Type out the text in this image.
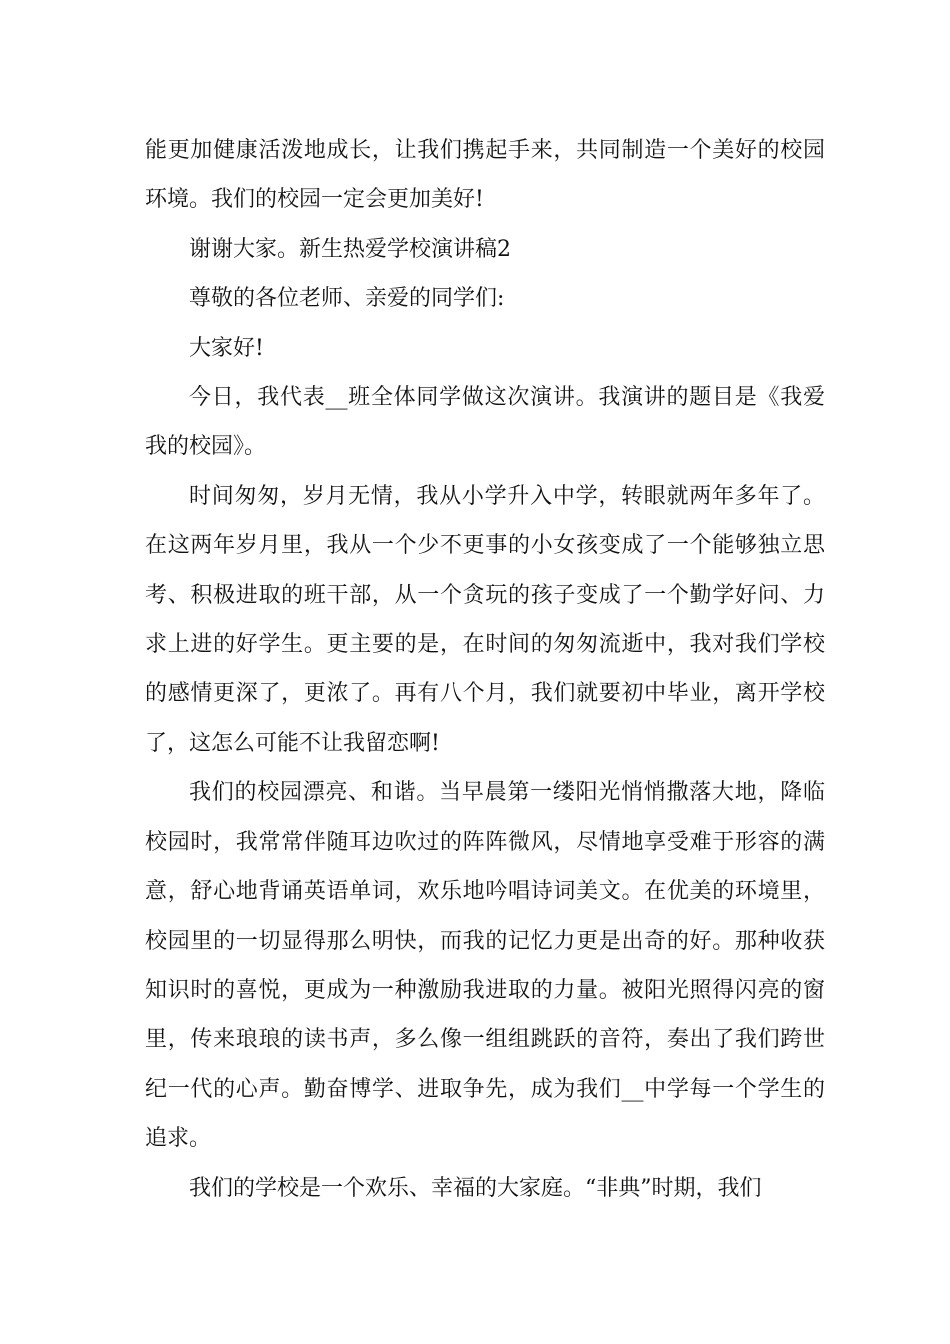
能更加健康活泼地成长，让我们携起手来，共同制造一个美好的校园环境。我们的校园一定会更加美好!

谢谢大家。新生热爱学校演讲稿2

尊敬的各位老师、亲爱的同学们:

大家好!

今日，我代表__班全体同学做这次演讲。我演讲的题目是《我爱我的校园》。

时间匆匆，岁月无情，我从小学升入中学，转眼就两年多年了。在这两年岁月里，我从一个少不更事的小女孩变成了一个能够独立思考、积极进取的班干部，从一个贪玩的孩子变成了一个勤学好问、力求上进的好学生。更主要的是，在时间的匆匆流逝中，我对我们学校的感情更深了，更浓了。再有八个月，我们就要初中毕业，离开学校了，这怎么可能不让我留恋啊!

我们的校园漂亮、和谐。当早晨第一缕阳光悄悄撒落大地，降临校园时，我常常伴随耳边吹过的阵阵微风，尽情地享受难于形容的满意，舒心地背诵英语单词，欢乐地吟唱诗词美文。在优美的环境里，校园里的一切显得那么明快，而我的记忆力更是出奇的好。那种收获知识时的喜悦，更成为一种激励我进取的力量。被阳光照得闪亮的窗里，传来琅琅的读书声，多么像一组组跳跃的音符，奏出了我们跨世纪一代的心声。勤奋博学、进取争先，成为我们__中学每一个学生的追求。

我们的学校是一个欢乐、幸福的大家庭。“非典”时期，我们
